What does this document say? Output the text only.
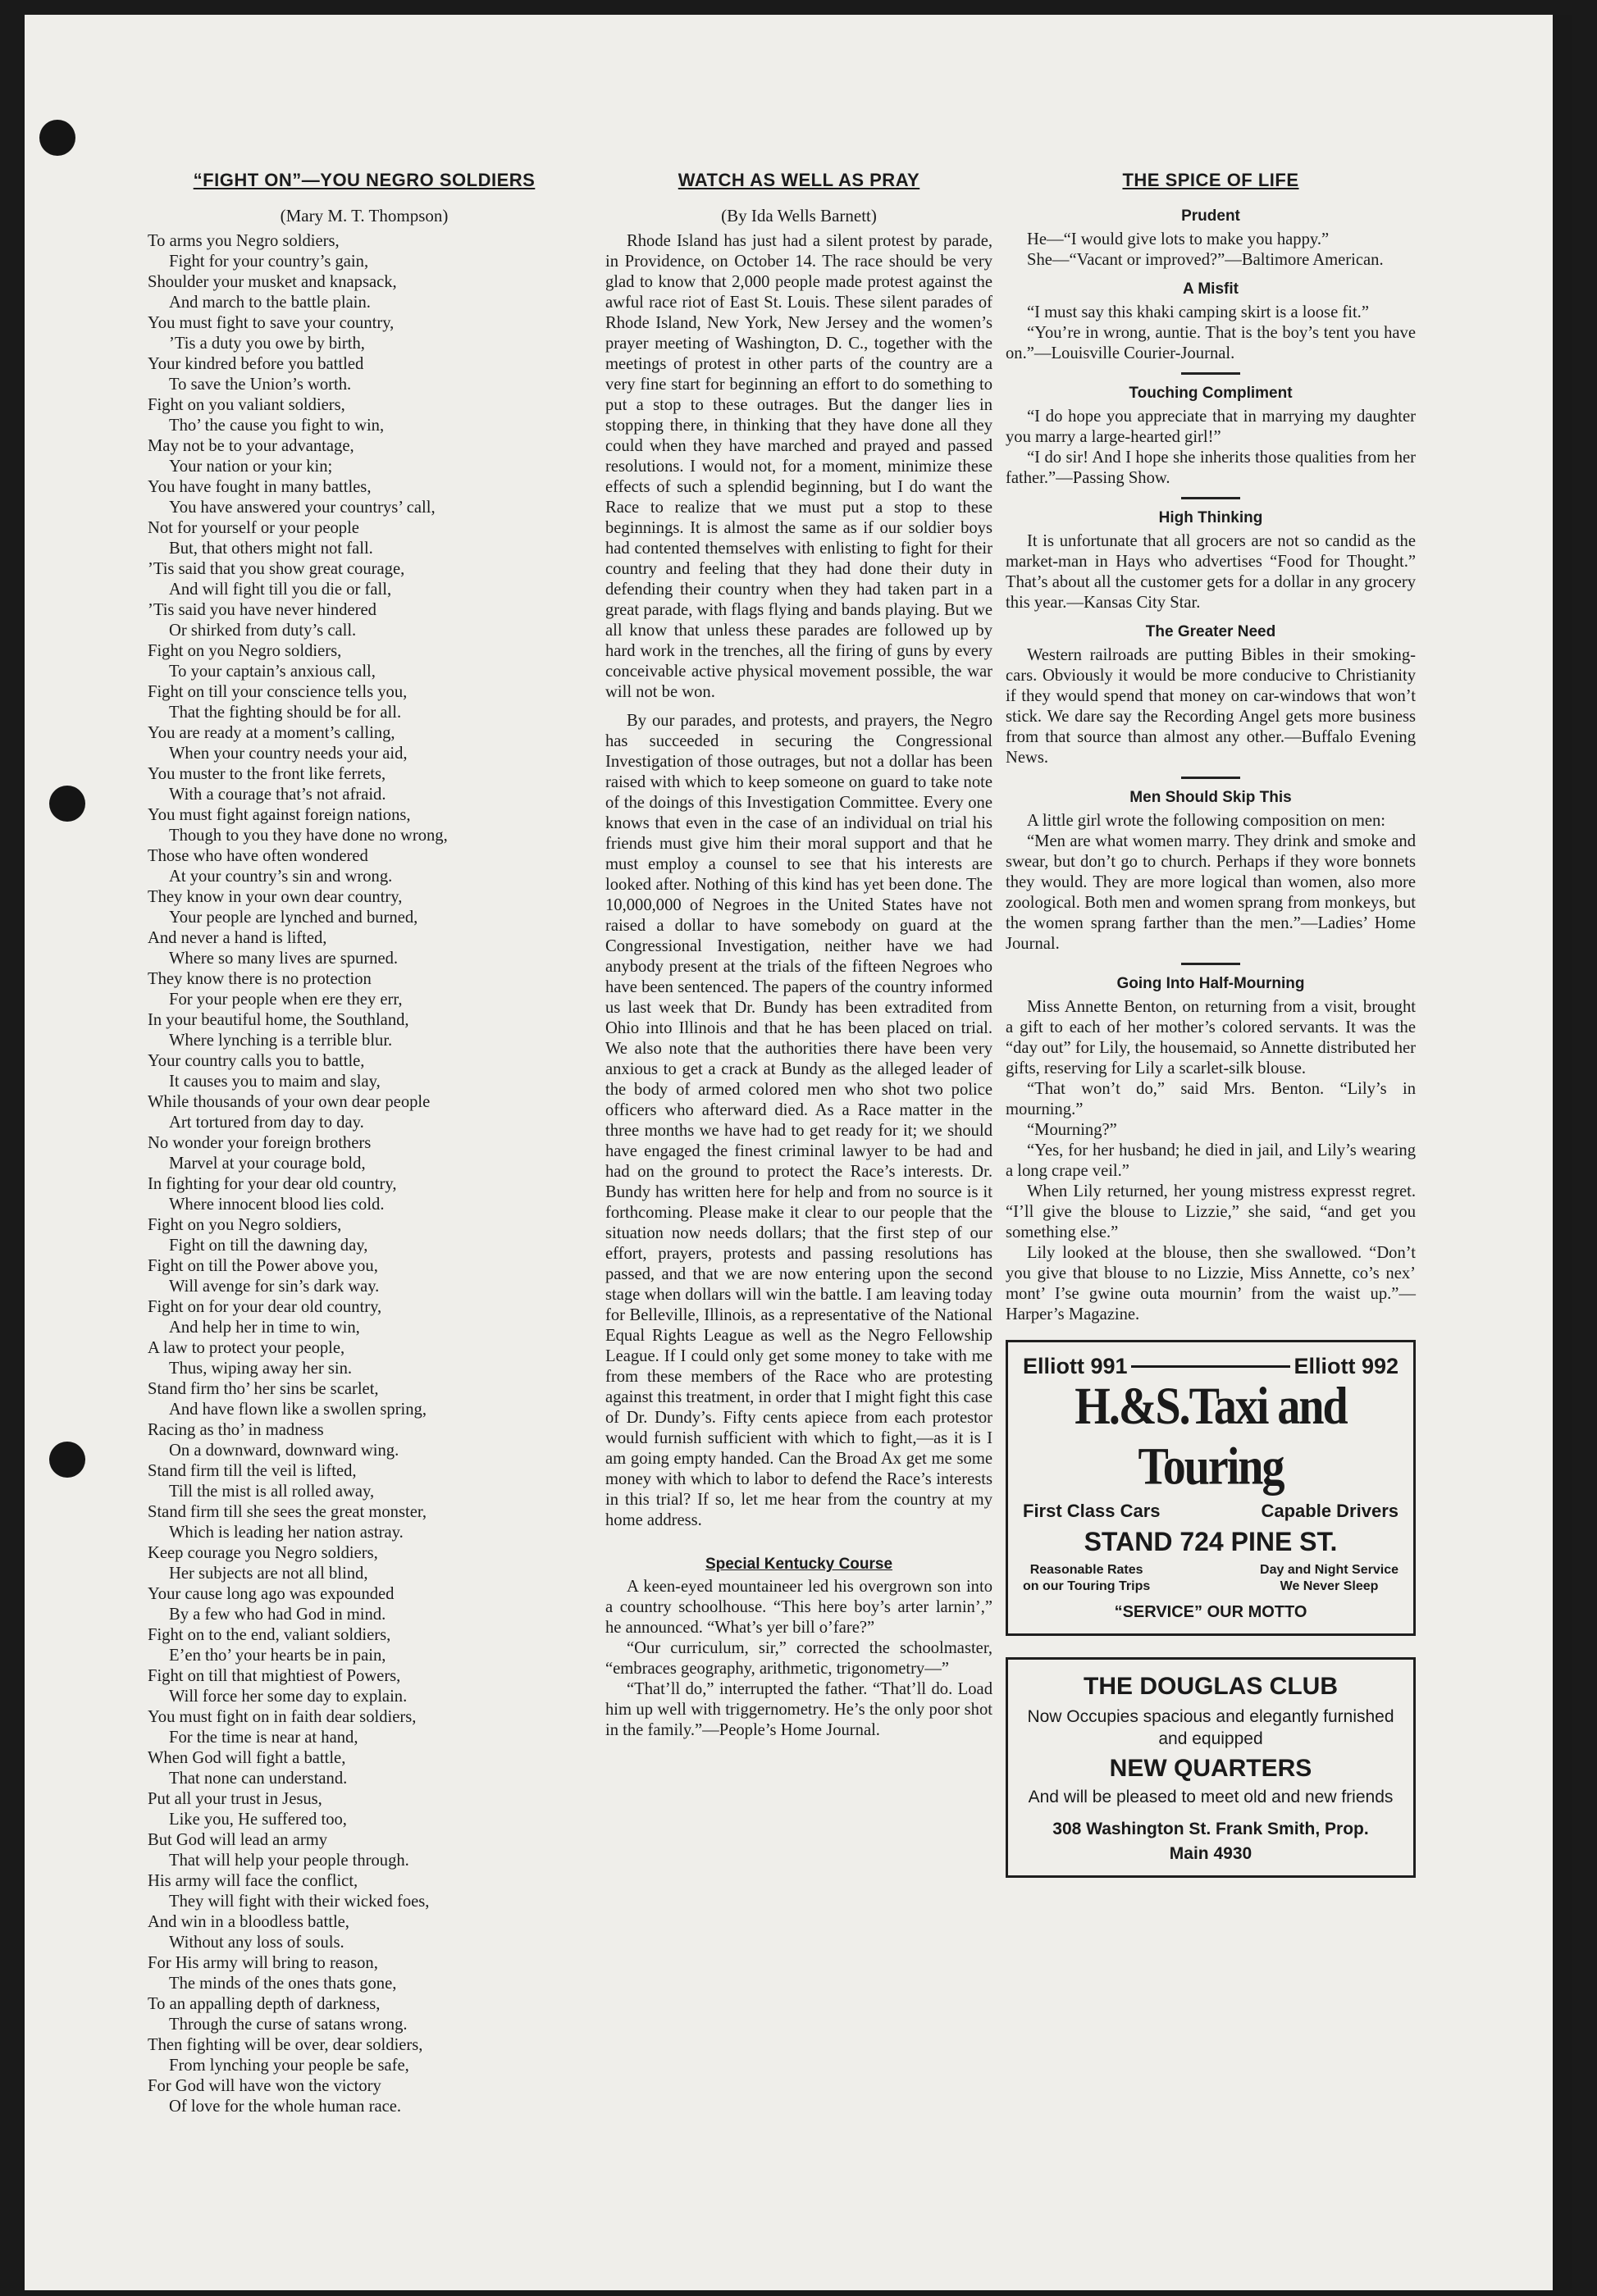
“FIGHT ON”—YOU NEGRO SOLDIERS
(Mary M. T. Thompson)
To arms you Negro soldiers,
Fight for your country’s gain,
Shoulder your musket and knapsack,
And march to the battle plain.
You must fight to save your country,
’Tis a duty you owe by birth,
Your kindred before you battled
To save the Union’s worth.
Fight on you valiant soldiers,
Tho’ the cause you fight to win,
May not be to your advantage,
Your nation or your kin;
You have fought in many battles,
You have answered your countrys’ call,
Not for yourself or your people
But, that others might not fall.
’Tis said that you show great courage,
And will fight till you die or fall,
’Tis said you have never hindered
Or shirked from duty’s call.
Fight on you Negro soldiers,
To your captain’s anxious call,
Fight on till your conscience tells you,
That the fighting should be for all.
You are ready at a moment’s calling,
When your country needs your aid,
You muster to the front like ferrets,
With a courage that’s not afraid.
You must fight against foreign nations,
Though to you they have done no wrong,
Those who have often wondered
At your country’s sin and wrong.
They know in your own dear country,
Your people are lynched and burned,
And never a hand is lifted,
Where so many lives are spurned.
They know there is no protection
For your people when ere they err,
In your beautiful home, the Southland,
Where lynching is a terrible blur.
Your country calls you to battle,
It causes you to maim and slay,
While thousands of your own dear people
Art tortured from day to day.
No wonder your foreign brothers
Marvel at your courage bold,
In fighting for your dear old country,
Where innocent blood lies cold.
Fight on you Negro soldiers,
Fight on till the dawning day,
Fight on till the Power above you,
Will avenge for sin’s dark way.
Fight on for your dear old country,
And help her in time to win,
A law to protect your people,
Thus, wiping away her sin.
Stand firm tho’ her sins be scarlet,
And have flown like a swollen spring,
Racing as tho’ in madness
On a downward, downward wing.
Stand firm till the veil is lifted,
Till the mist is all rolled away,
Stand firm till she sees the great monster,
Which is leading her nation astray.
Keep courage you Negro soldiers,
Her subjects are not all blind,
Your cause long ago was expounded
By a few who had God in mind.
Fight on to the end, valiant soldiers,
E’en tho’ your hearts be in pain,
Fight on till that mightiest of Powers,
Will force her some day to explain.
You must fight on in faith dear soldiers,
For the time is near at hand,
When God will fight a battle,
That none can understand.
Put all your trust in Jesus,
Like you, He suffered too,
But God will lead an army
That will help your people through.
His army will face the conflict,
They will fight with their wicked foes,
And win in a bloodless battle,
Without any loss of souls.
For His army will bring to reason,
The minds of the ones thats gone,
To an appalling depth of darkness,
Through the curse of satans wrong.
Then fighting will be over, dear soldiers,
From lynching your people be safe,
For God will have won the victory
Of love for the whole human race.
WATCH AS WELL AS PRAY
(By Ida Wells Barnett)

Rhode Island has just had a silent protest by parade, in Providence, on October 14. The race should be very glad to know that 2,000 people made protest against the awful race riot of East St. Louis. These silent parades of Rhode Island, New York, New Jersey and the women’s prayer meeting of Washington, D. C., together with the meetings of protest in other parts of the country are a very fine start for beginning an effort to do something to put a stop to these outrages. But the danger lies in stopping there, in thinking that they have done all they could when they have marched and prayed and passed resolutions. I would not, for a moment, minimize these effects of such a splendid beginning, but I do want the Race to realize that we must put a stop to these beginnings. It is almost the same as if our soldier boys had contented themselves with enlisting to fight for their country and feeling that they had done their duty in defending their country when they had taken part in a great parade, with flags flying and bands playing. But we all know that unless these parades are followed up by hard work in the trenches, all the firing of guns by every conceivable active physical movement possible, the war will not be won.

By our parades, and protests, and prayers, the Negro has succeeded in securing the Congressional Investigation of those outrages, but not a dollar has been raised with which to keep someone on guard to take note of the doings of this Investigation Committee. Every one knows that even in the case of an individual on trial his friends must give him their moral support and that he must employ a counsel to see that his interests are looked after. Nothing of this kind has yet been done. The 10,000,000 of Negroes in the United States have not raised a dollar to have somebody on guard at the Congressional Investigation, neither have we had anybody present at the trials of the fifteen Negroes who have been sentenced. The papers of the country informed us last week that Dr. Bundy has been extradited from Ohio into Illinois and that he has been placed on trial. We also note that the authorities there have been very anxious to get a crack at Bundy as the alleged leader of the body of armed colored men who shot two police officers who afterward died. As a Race matter in the three months we have had to get ready for it; we should have engaged the finest criminal lawyer to be had and had on the ground to protect the Race’s interests. Dr. Bundy has written here for help and from no source is it forthcoming. Please make it clear to our people that the situation now needs dollars; that the first step of our effort, prayers, protests and passing resolutions has passed, and that we are now entering upon the second stage when dollars will win the battle. I am leaving today for Belleville, Illinois, as a representative of the National Equal Rights League as well as the Negro Fellowship League. If I could only get some money to take with me from these members of the Race who are protesting against this treatment, in order that I might fight this case of Dr. Dundy’s. Fifty cents apiece from each protestor would furnish sufficient with which to fight,—as it is I am going empty handed. Can the Broad Ax get me some money with which to labor to defend the Race’s interests in this trial? If so, let me hear from the country at my home address.

Special Kentucky Course

A keen-eyed mountaineer led his overgrown son into a country schoolhouse. “This here boy’s arter larnin’,” he announced. “What’s yer bill o’fare?”

“Our curriculum, sir,” corrected the schoolmaster, “embraces geography, arithmetic, trigonometry—”

“That’ll do,” interrupted the father. “That’ll do. Load him up well with triggernometry. He’s the only poor shot in the family.”—People’s Home Journal.

THE SPICE OF LIFE
Prudent

He—“I would give lots to make you happy.”

She—“Vacant or improved?”—Baltimore American.

A Misfit

“I must say this khaki camping skirt is a loose fit.”

“You’re in wrong, auntie. That is the boy’s tent you have on.”—Louisville Courier-Journal.

Touching Compliment

“I do hope you appreciate that in marrying my daughter you marry a large-hearted girl!”

“I do sir! And I hope she inherits those qualities from her father.”—Passing Show.

High Thinking

It is unfortunate that all grocers are not so candid as the market-man in Hays who advertises “Food for Thought.” That’s about all the customer gets for a dollar in any grocery this year.—Kansas City Star.

The Greater Need

Western railroads are putting Bibles in their smoking-cars. Obviously it would be more conducive to Christianity if they would spend that money on car-windows that won’t stick. We dare say the Recording Angel gets more business from that source than almost any other.—Buffalo Evening News.

Men Should Skip This

A little girl wrote the following composition on men:

“Men are what women marry. They drink and smoke and swear, but don’t go to church. Perhaps if they wore bonnets they would. They are more logical than women, also more zoological. Both men and women sprang from monkeys, but the women sprang farther than the men.”—Ladies’ Home Journal.

Going Into Half-Mourning

Miss Annette Benton, on returning from a visit, brought a gift to each of her mother’s colored servants. It was the “day out” for Lily, the housemaid, so Annette distributed her gifts, reserving for Lily a scarlet-silk blouse.

“That won’t do,” said Mrs. Benton. “Lily’s in mourning.”

“Mourning?”

“Yes, for her husband; he died in jail, and Lily’s wearing a long crape veil.”

When Lily returned, her young mistress expresst regret. “I’ll give the blouse to Lizzie,” she said, “and get you something else.”

Lily looked at the blouse, then she swallowed. “Don’t you give that blouse to no Lizzie, Miss Annette, co’s nex’ mont’ I’se gwine outa mournin’ from the waist up.”—Harper’s Magazine.

Elliott 991	Elliott 992
H.&S.Taxi and Touring
First Class Cars	Capable Drivers
STAND 724 PINE ST.
Reasonable Rates
on our Touring Trips
Day and Night Service
We Never Sleep
“SERVICE” OUR MOTTO
THE DOUGLAS CLUB
Now Occupies spacious and elegantly furnished and equipped
NEW QUARTERS
And will be pleased to meet old and new friends
308 Washington St. Frank Smith, Prop.
Main 4930
